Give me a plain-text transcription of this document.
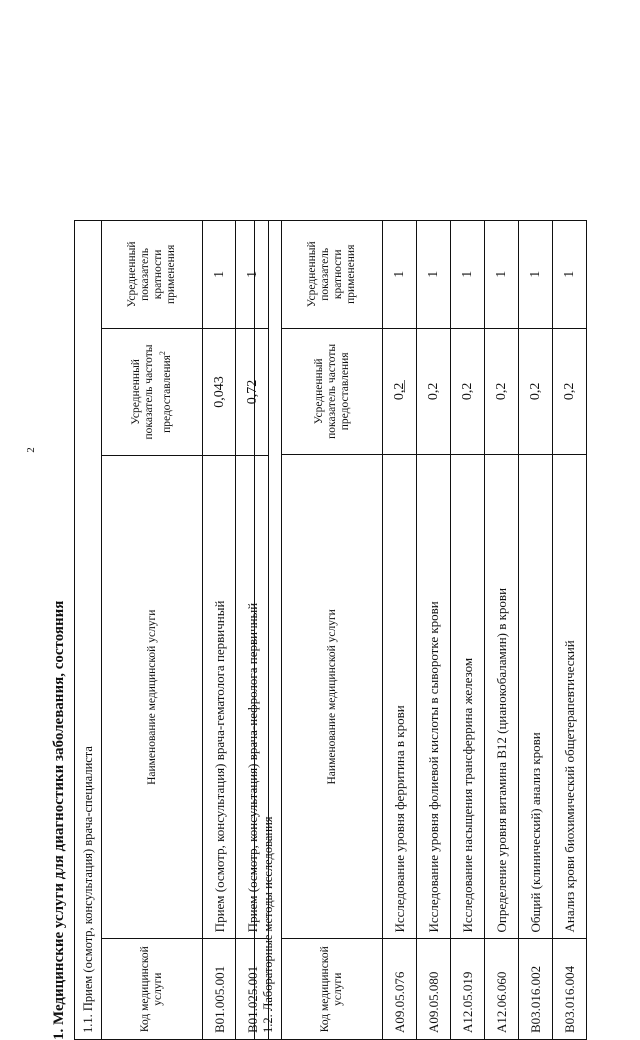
2
1. Медицинские услуги для диагностики заболевания, состояния 1.1. Прием (осмотр, консультация) врача-специалиста			
Код медицинской услуги	Наименование медицинской услуги	Усредненный показатель частоты предоставления$^2$	Усредненный показатель кратности применения
B01.005.001	Прием (осмотр, консультация) врача-гематолога первичный	0,043	1
B01.025.001	Прием (осмотр, консультация) врача-нефролога первичный	0,72	1
1.2. Лабораторные методы исследования			
Код медицинской услуги	Наименование медицинской услуги	Усредненный показатель частоты предоставления	Усредненный показатель кратности применения
A09.05.076	Исследование уровня ферритина в крови	0,2	1
A09.05.080	Исследование уровня фолиевой кислоты в сыворотке крови	0,2	1
A12.05.019	Исследование насыщения трансферрина железом	0,2	1
A12.06.060	Определение уровня витамина B12 (цианокобаламин) в крови	0,2	1
B03.016.002	Общий (клинический) анализ крови	0,2	1
B03.016.004	Анализ крови биохимический общетерапевтический	0,2	1
